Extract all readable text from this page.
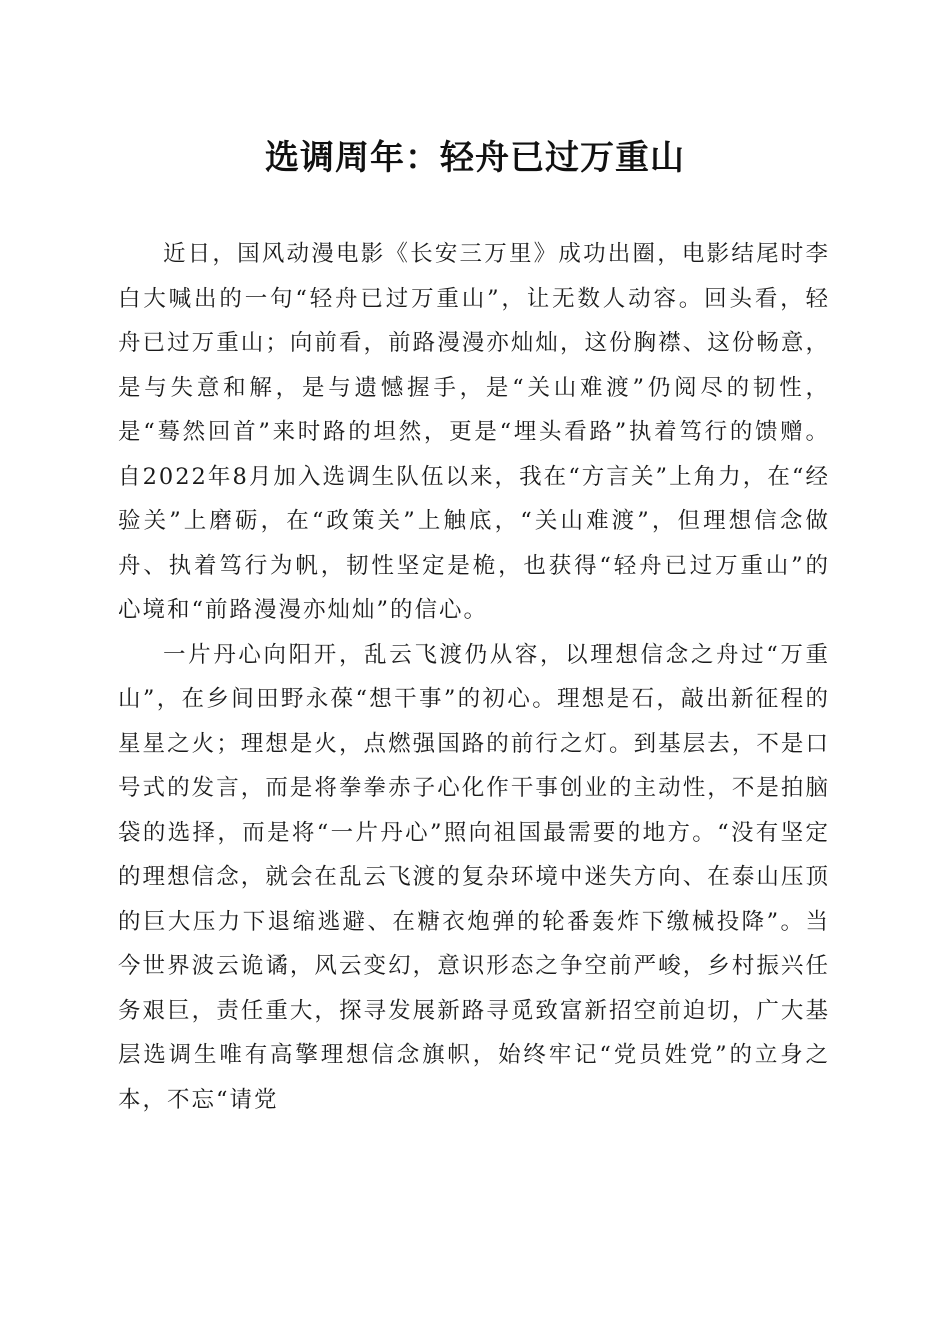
选调周年：轻舟已过万重山

近日，国风动漫电影《长安三万里》成功出圈，电影结尾时李白大喊出的一句“轻舟已过万重山”，让无数人动容。回头看，轻舟已过万重山；向前看，前路漫漫亦灿灿，这份胸襟、这份畅意，是与失意和解，是与遗憾握手，是“关山难渡”仍阅尽的韧性，是“蓦然回首”来时路的坦然，更是“埋头看路”执着笃行的馈赠。自2022年8月加入选调生队伍以来，我在“方言关”上角力，在“经验关”上磨砺，在“政策关”上触底，“关山难渡”，但理想信念做舟、执着笃行为帆，韧性坚定是桅，也获得“轻舟已过万重山”的心境和“前路漫漫亦灿灿”的信心。

一片丹心向阳开，乱云飞渡仍从容，以理想信念之舟过“万重山”，在乡间田野永葆“想干事”的初心。理想是石，敲出新征程的星星之火；理想是火，点燃强国路的前行之灯。到基层去，不是口号式的发言，而是将拳拳赤子心化作干事创业的主动性，不是拍脑袋的选择，而是将“一片丹心”照向祖国最需要的地方。“没有坚定的理想信念，就会在乱云飞渡的复杂环境中迷失方向、在泰山压顶的巨大压力下退缩逃避、在糖衣炮弹的轮番轰炸下缴械投降”。当今世界波云诡谲，风云变幻，意识形态之争空前严峻，乡村振兴任务艰巨，责任重大，探寻发展新路寻觅致富新招空前迫切，广大基层选调生唯有高擎理想信念旗帜，始终牢记“党员姓党”的立身之本，不忘“请党
